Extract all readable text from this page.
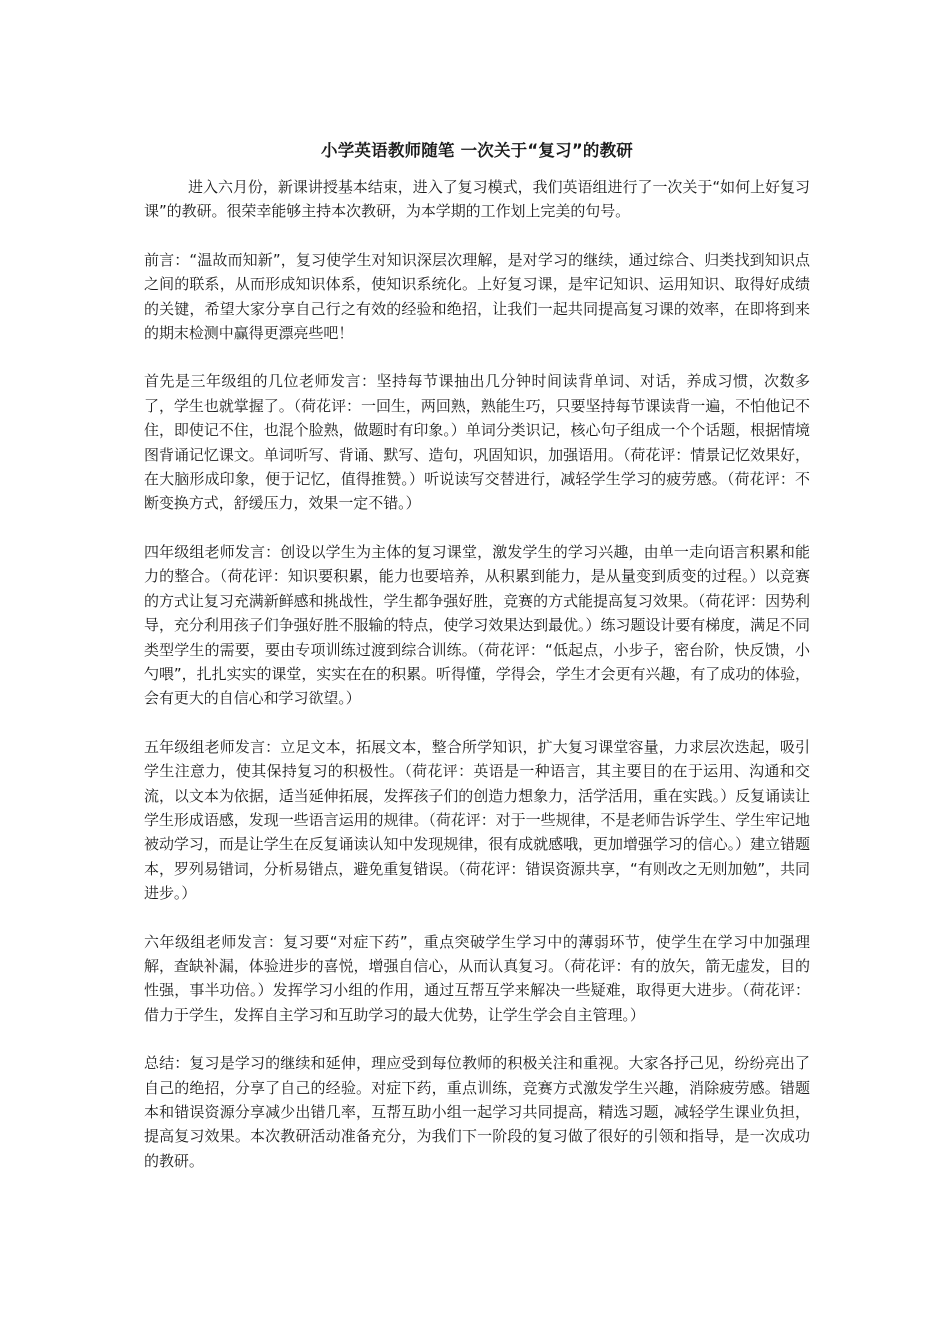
小学英语教师随笔 一次关于“复习”的教研

进入六月份，新课讲授基本结束，进入了复习模式，我们英语组进行了一次关于“如何上好复习课”的教研。很荣幸能够主持本次教研，为本学期的工作划上完美的句号。

前言：“温故而知新”，复习使学生对知识深层次理解，是对学习的继续，通过综合、归类找到知识点之间的联系，从而形成知识体系，使知识系统化。上好复习课，是牢记知识、运用知识、取得好成绩的关键，希望大家分享自己行之有效的经验和绝招，让我们一起共同提高复习课的效率，在即将到来的期末检测中赢得更漂亮些吧！

首先是三年级组的几位老师发言：坚持每节课抽出几分钟时间读背单词、对话，养成习惯，次数多了，学生也就掌握了。（荷花评：一回生，两回熟，熟能生巧，只要坚持每节课读背一遍，不怕他记不住，即使记不住，也混个脸熟，做题时有印象。）单词分类识记，核心句子组成一个个话题，根据情境图背诵记忆课文。单词听写、背诵、默写、造句，巩固知识，加强语用。（荷花评：情景记忆效果好，在大脑形成印象，便于记忆，值得推赞。）听说读写交替进行，减轻学生学习的疲劳感。（荷花评：不断变换方式，舒缓压力，效果一定不错。）

四年级组老师发言：创设以学生为主体的复习课堂，激发学生的学习兴趣，由单一走向语言积累和能力的整合。（荷花评：知识要积累，能力也要培养，从积累到能力，是从量变到质变的过程。）以竞赛的方式让复习充满新鲜感和挑战性，学生都争强好胜，竞赛的方式能提高复习效果。（荷花评：因势利导，充分利用孩子们争强好胜不服输的特点，使学习效果达到最优。）练习题设计要有梯度，满足不同类型学生的需要，要由专项训练过渡到综合训练。（荷花评：“低起点，小步子，密台阶，快反馈，小勺喂”，扎扎实实的课堂，实实在在的积累。听得懂，学得会，学生才会更有兴趣，有了成功的体验，会有更大的自信心和学习欲望。）

五年级组老师发言：立足文本，拓展文本，整合所学知识，扩大复习课堂容量，力求层次迭起，吸引学生注意力，使其保持复习的积极性。（荷花评：英语是一种语言，其主要目的在于运用、沟通和交流，以文本为依据，适当延伸拓展，发挥孩子们的创造力想象力，活学活用，重在实践。）反复诵读让学生形成语感，发现一些语言运用的规律。（荷花评：对于一些规律，不是老师告诉学生、学生牢记地被动学习，而是让学生在反复诵读认知中发现规律，很有成就感哦，更加增强学习的信心。）建立错题本，罗列易错词，分析易错点，避免重复错误。（荷花评：错误资源共享，“有则改之无则加勉”，共同进步。）

六年级组老师发言：复习要“对症下药”，重点突破学生学习中的薄弱环节，使学生在学习中加强理解，查缺补漏，体验进步的喜悦，增强自信心，从而认真复习。（荷花评：有的放矢，箭无虚发，目的性强，事半功倍。）发挥学习小组的作用，通过互帮互学来解决一些疑难，取得更大进步。（荷花评：借力于学生，发挥自主学习和互助学习的最大优势，让学生学会自主管理。）

总结：复习是学习的继续和延伸，理应受到每位教师的积极关注和重视。大家各抒己见，纷纷亮出了自己的绝招，分享了自己的经验。对症下药，重点训练，竞赛方式激发学生兴趣，消除疲劳感。错题本和错误资源分享减少出错几率，互帮互助小组一起学习共同提高，精选习题，减轻学生课业负担，提高复习效果。本次教研活动准备充分，为我们下一阶段的复习做了很好的引领和指导，是一次成功的教研。
